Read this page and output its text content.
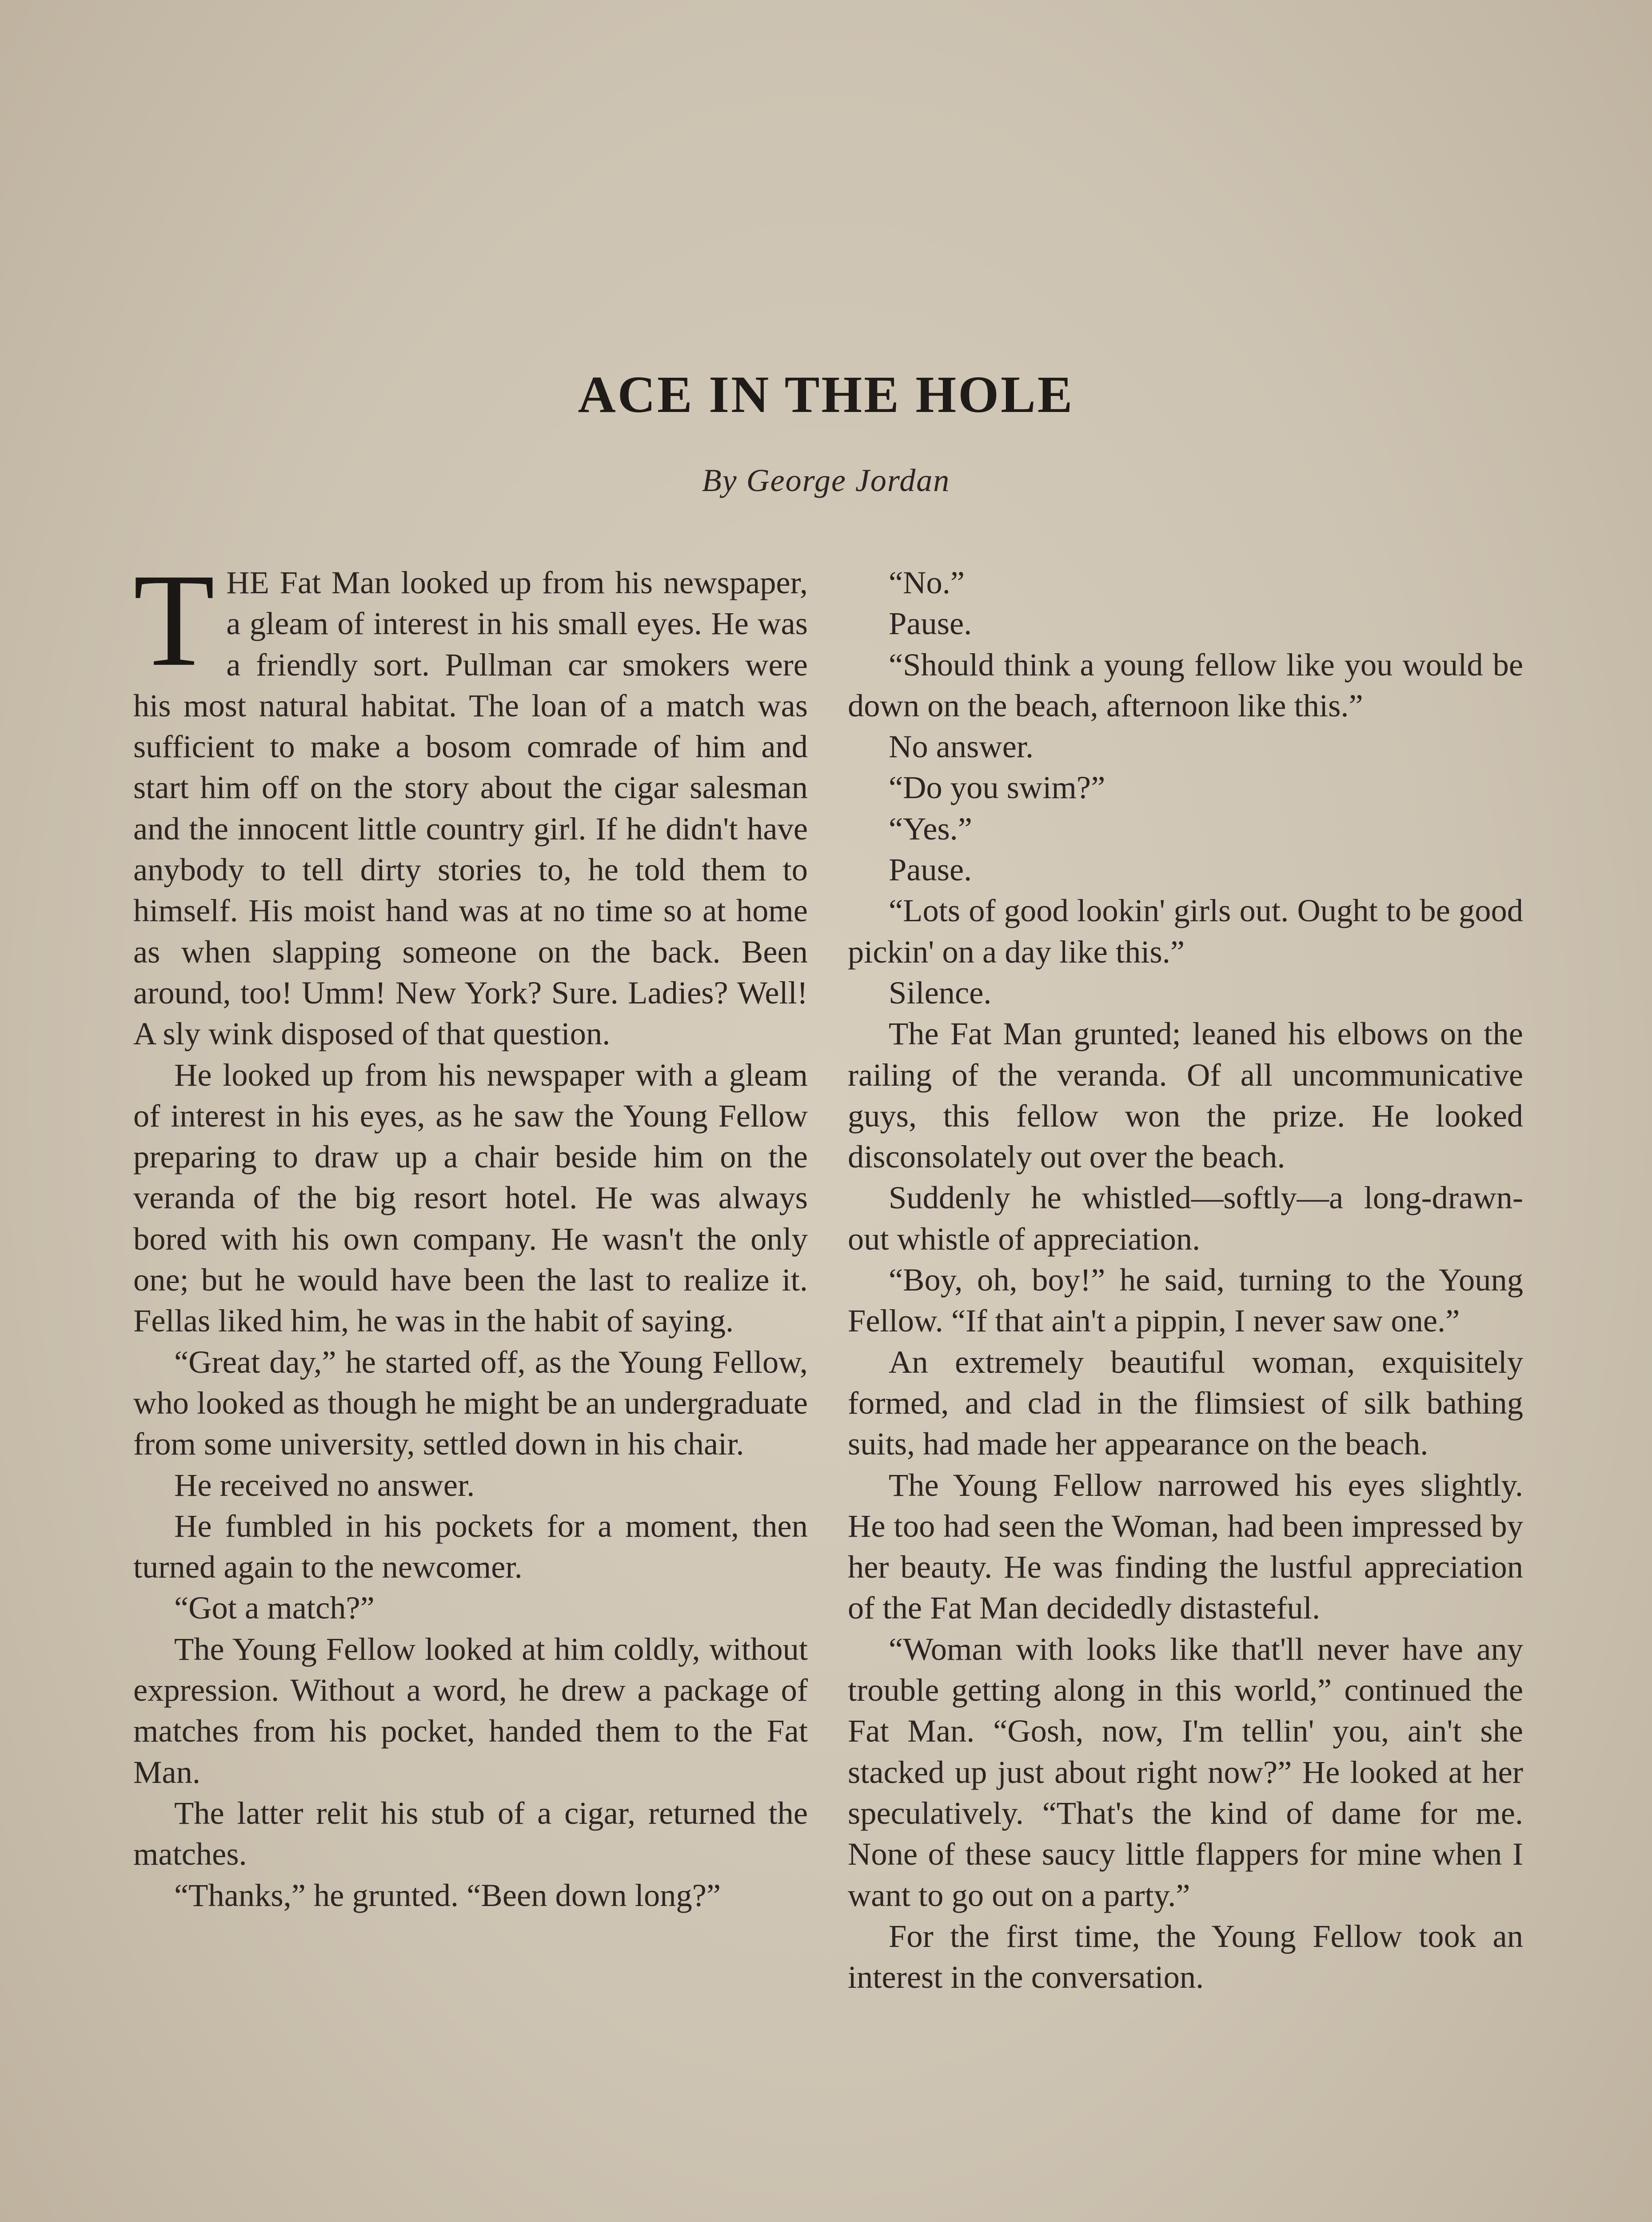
ACE IN THE HOLE
By George Jordan

THE Fat Man looked up from his newspaper, a gleam of interest in his small eyes. He was a friendly sort. Pullman car smokers were his most natural habitat. The loan of a match was sufficient to make a bosom comrade of him and start him off on the story about the cigar salesman and the innocent little country girl. If he didn't have anybody to tell dirty stories to, he told them to himself. His moist hand was at no time so at home as when slapping someone on the back. Been around, too! Umm! New York? Sure. Ladies? Well! A sly wink disposed of that question.

He looked up from his newspaper with a gleam of interest in his eyes, as he saw the Young Fellow preparing to draw up a chair beside him on the veranda of the big resort hotel. He was always bored with his own company. He wasn't the only one; but he would have been the last to realize it. Fellas liked him, he was in the habit of saying.

“Great day,” he started off, as the Young Fellow, who looked as though he might be an undergraduate from some university, settled down in his chair.

He received no answer.

He fumbled in his pockets for a moment, then turned again to the newcomer.

“Got a match?”

The Young Fellow looked at him coldly, without expression. Without a word, he drew a package of matches from his pocket, handed them to the Fat Man.

The latter relit his stub of a cigar, returned the matches.

“Thanks,” he grunted. “Been down long?”

“No.”

Pause.

“Should think a young fellow like you would be down on the beach, afternoon like this.”

No answer.

“Do you swim?”

“Yes.”

Pause.

“Lots of good lookin' girls out. Ought to be good pickin' on a day like this.”

Silence.

The Fat Man grunted; leaned his elbows on the railing of the veranda. Of all uncommunicative guys, this fellow won the prize. He looked disconsolately out over the beach.

Suddenly he whistled—softly—a long-drawn-out whistle of appreciation.

“Boy, oh, boy!” he said, turning to the Young Fellow. “If that ain't a pippin, I never saw one.”

An extremely beautiful woman, exquisitely formed, and clad in the flimsiest of silk bathing suits, had made her appearance on the beach.

The Young Fellow narrowed his eyes slightly. He too had seen the Woman, had been impressed by her beauty. He was finding the lustful appreciation of the Fat Man decidedly distasteful.

“Woman with looks like that'll never have any trouble getting along in this world,” continued the Fat Man. “Gosh, now, I'm tellin' you, ain't she stacked up just about right now?” He looked at her speculatively. “That's the kind of dame for me. None of these saucy little flappers for mine when I want to go out on a party.”

For the first time, the Young Fellow took an interest in the conversation.
